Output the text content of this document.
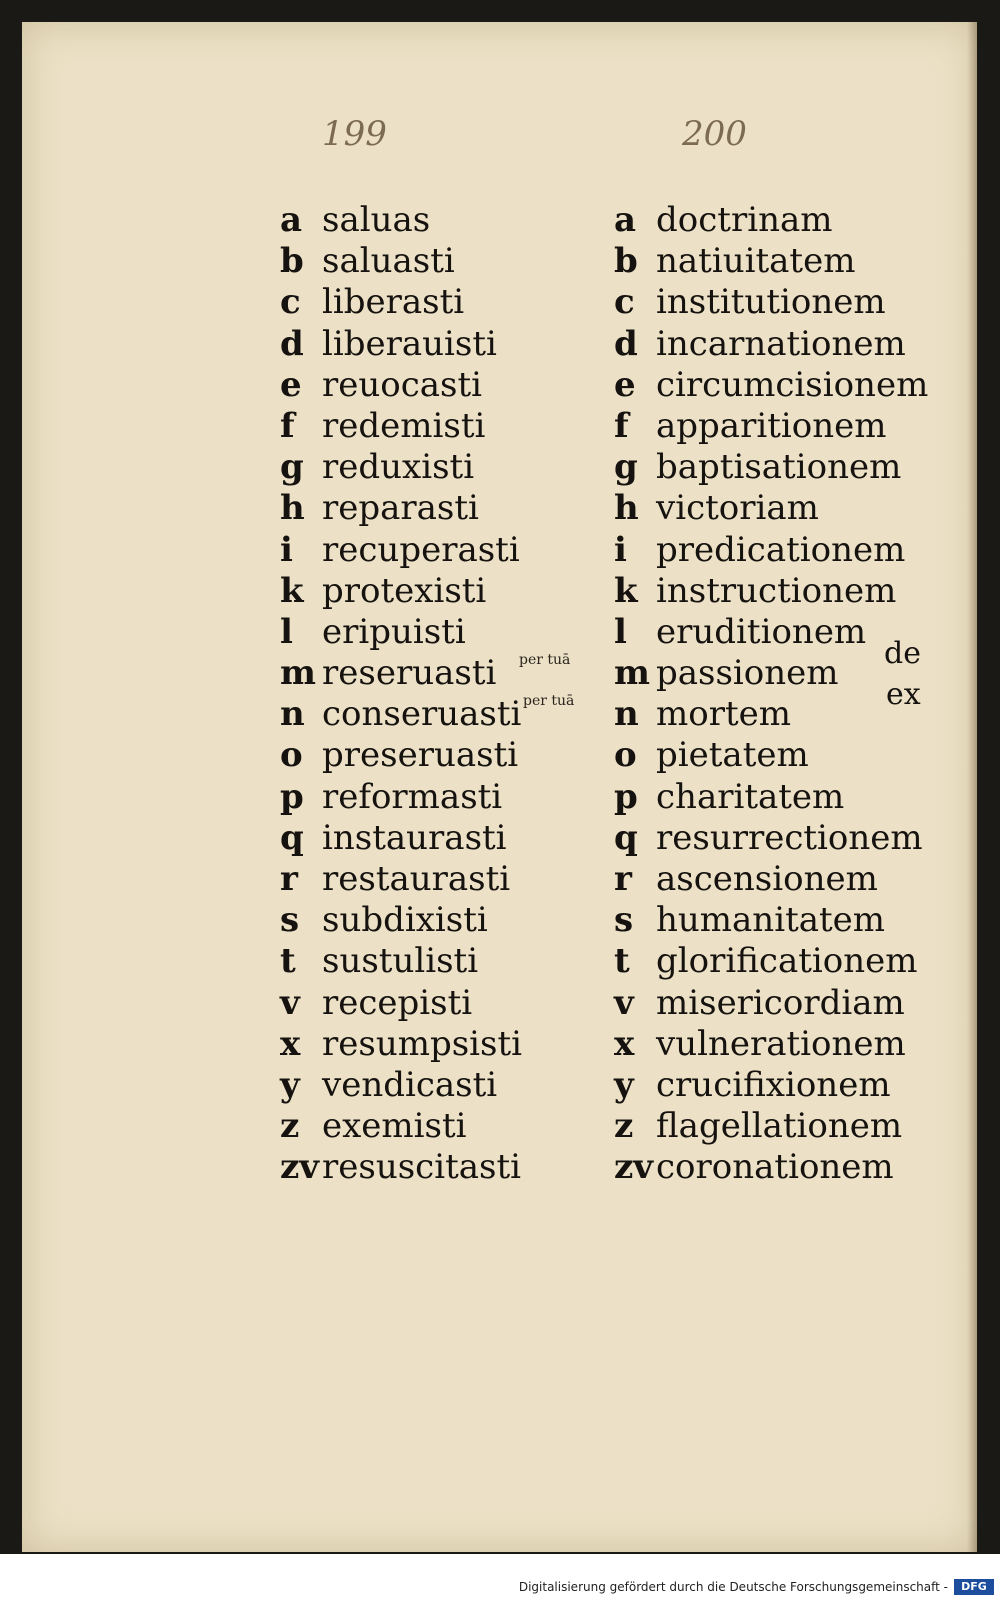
199	200
a saluas
b saluasti
c liberasti
d liberauisti
e reuocasti
f redemisti
g reduxisti
h reparasti
i recuperasti
k protexisti
l eripuisti
m reseruasti
n conseruasti
o preseruasti
p reformasti
q instaurasti
r restaurasti
s subdixisti
t sustulisti
v recepisti
x resumpsisti
y vendicasti
z exemisti
zvresuscitasti
a doctrinam
b natiuitatem
c institutionem
d incarnationem
e circumcisionem
f apparitionem
g baptisationem
h victoriam
i predicationem
k instructionem
l eruditionem
m passionem
n mortem
o pietatem
p charitatem
q resurrectionem
r ascensionem
s humanitatem
t glorificationem
v misericordiam
x vulnerationem
y crucifixionem
z flagellationem
zvcoronationem
per tuā
per tuā
de
ex
Digitalisierung gefördert durch die Deutsche Forschungsgemeinschaft -	DFG
